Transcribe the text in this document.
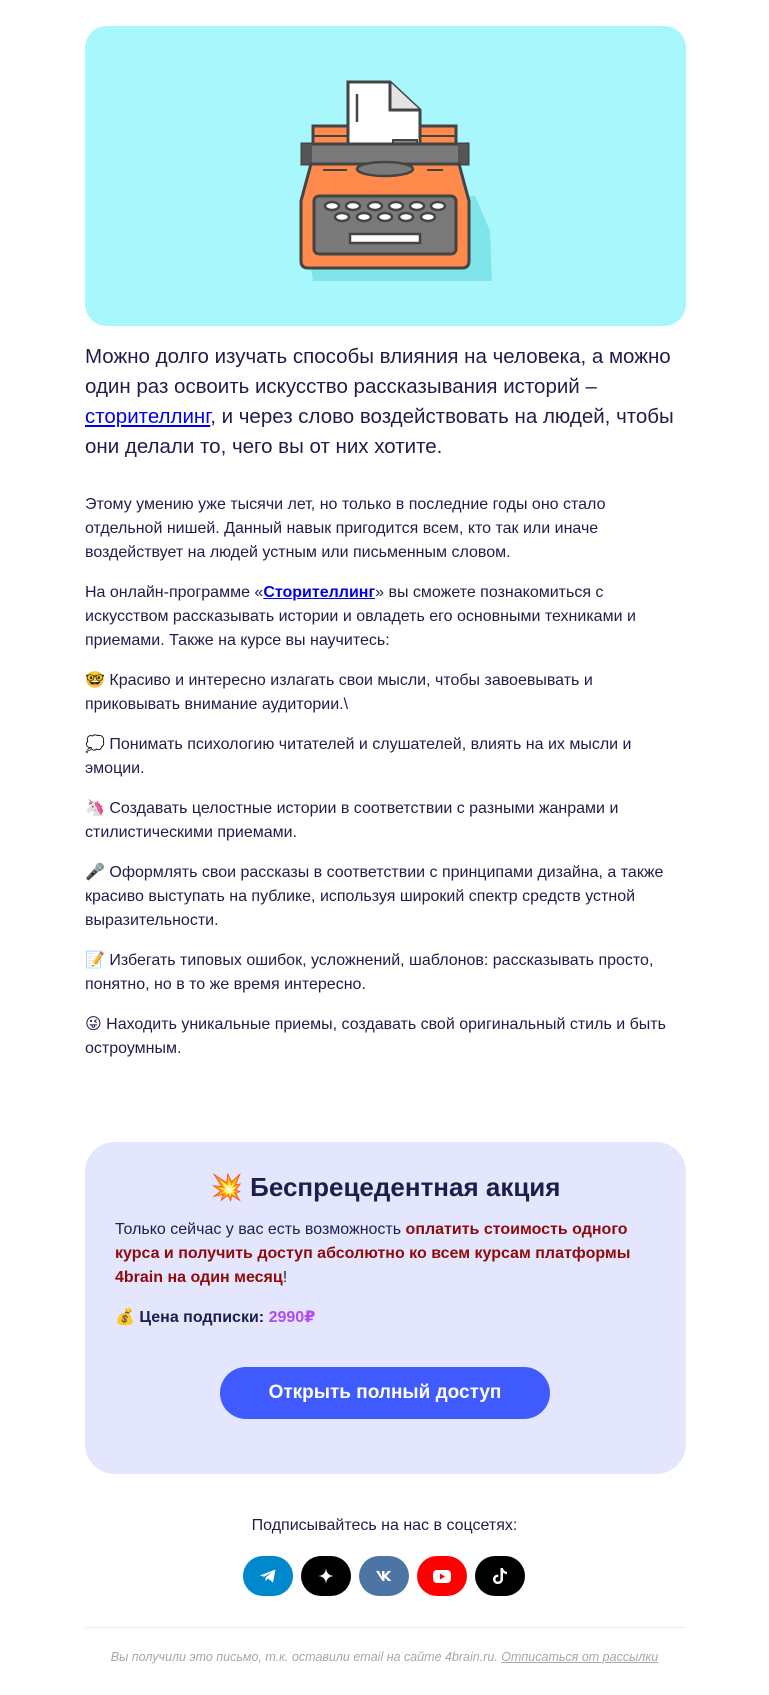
Можно долго изучать способы влияния на человека, а можно один раз освоить искусство рассказывания историй – сторителлинг, и через слово воздействовать на людей, чтобы они делали то, чего вы от них хотите.

Этому умению уже тысячи лет, но только в последние годы оно стало отдельной нишей. Данный навык пригодится всем, кто так или иначе воздействует на людей устным или письменным словом.

На онлайн-программе «Сторителлинг» вы сможете познакомиться с искусством рассказывать истории и овладеть его основными техниками и приемами. Также на курсе вы научитесь:

🤓 Красиво и интересно излагать свои мысли, чтобы завоевывать и приковывать внимание аудитории.\

💭 Понимать психологию читателей и слушателей, влиять на их мысли и эмоции.

🦄 Создавать целостные истории в соответствии с разными жанрами и стилистическими приемами.

🎤 Оформлять свои рассказы в соответствии с принципами дизайна, а также красиво выступать на публике, используя широкий спектр средств устной выразительности.

📝 Избегать типовых ошибок, усложнений, шаблонов: рассказывать просто, понятно, но в то же время интересно.

😜 Находить уникальные приемы, создавать свой оригинальный стиль и быть остроумным.

💥 Беспрецедентная акция

Только сейчас у вас есть возможность оплатить стоимость одного курса и получить доступ абсолютно ко всем курсам платформы 4brain на один месяц!

💰 Цена подписки: 2990₽

Открыть полный доступ

Подписывайтесь на нас в соцсетях:

Вы получили это письмо, т.к. оставили email на сайте 4brain.ru. Отписаться от рассылки
